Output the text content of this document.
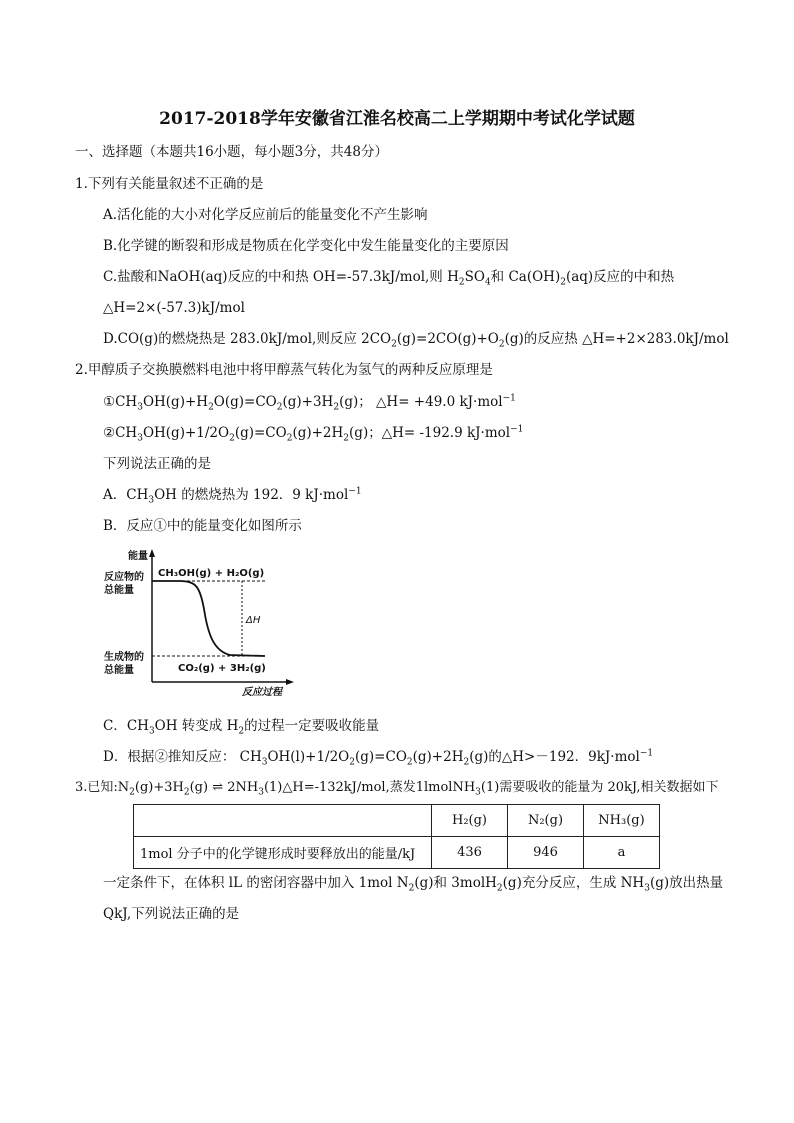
2017-2018学年安徽省江淮名校高二上学期期中考试化学试题
一、选择题（本题共16小题，每小题3分，共48分）
1.下列有关能量叙述不正确的是
A.活化能的大小对化学反应前后的能量变化不产生影响
B.化学键的断裂和形成是物质在化学变化中发生能量变化的主要原因
C.盐酸和NaOH(aq)反应的中和热 OH=-57.3kJ/mol,则 $H_2SO_4$和 $Ca(OH)_2(aq)$反应的中和热
△H=2×(-57.3)kJ/mol
D.CO(g)的燃烧热是 283.0kJ/mol,则反应 $2CO_2(g)=2CO(g)+O_2(g)$的反应热 △H=+2×283.0kJ/mol
2.甲醇质子交换膜燃料电池中将甲醇蒸气转化为氢气的两种反应原理是
$①CH_3OH(g)+H_2O(g)=CO_2(g)+3H_2(g)$； △H= +49.0 kJ·mol$^{-1}$
$②CH_3OH(g)+1/2O_2(g)=CO_2(g)+2H_2(g)$；△H= -192.9 kJ·mol$^{-1}$
下列说法正确的是
A．$CH_3OH$ 的燃烧热为 192．9 kJ·mol$^{-1}$
B．反应①中的能量变化如图所示
能量
反应物的
总能量
生成物的
总能量
反应过程
CH₃OH(g) + H₂O(g)
CO₂(g) + 3H₂(g)
ΔH
C．$CH_3OH$ 转变成 $H_2$的过程一定要吸收能量
D．根据②推知反应： $CH_3OH(l)+1/2O_2(g)=CO_2(g)+2H_2(g)$的△H>－192．9kJ·mol$^{-1}$
3.已知$:N_2(g)+3H_2(g)$ ⇌ $2NH_3(1)\triangle H=-132kJ$/mol,蒸发1lmolNH$_3$(1)需要吸收的能量为 20kJ,相关数据如下
	H₂(g)	N₂(g)	NH₃(g)
1mol 分子中的化学键形成时要释放出的能量/kJ	436	946	a
一定条件下，在体积 lL 的密闭容器中加入 1mol $N_2(g)$和 3molH$_2$(g)充分反应，生成 $NH_3(g)$放出热量
QkJ,下列说法正确的是
